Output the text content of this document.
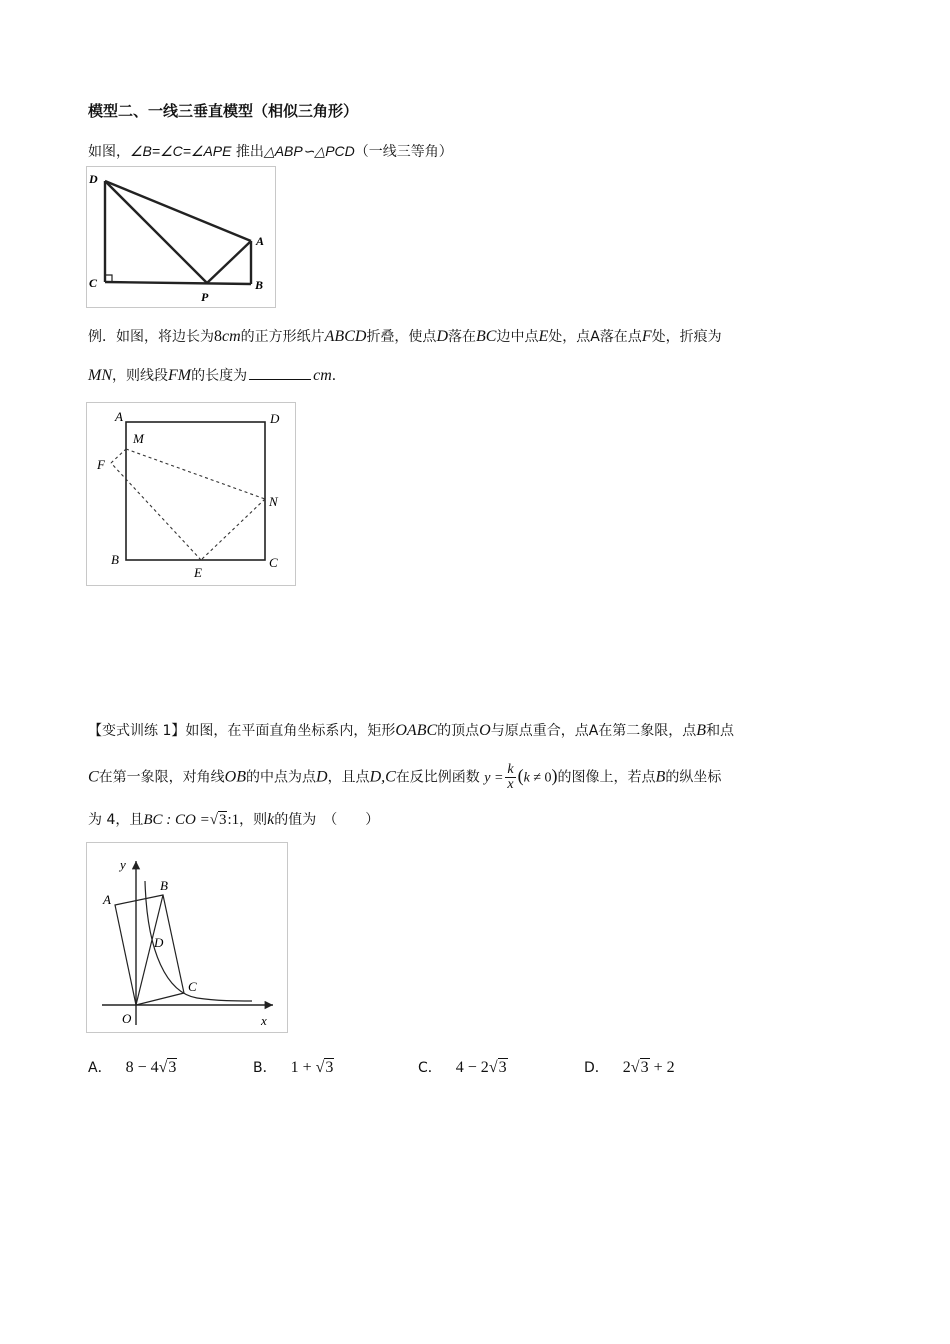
模型二、一线三垂直模型（相似三角形）
如图，∠B=∠C=∠APE 推出△ABP∽△PCD（一线三等角）
D
A
C
P
B
例．如图，将边长为8cm的正方形纸片ABCD折叠，使点D落在BC边中点E处，点A落在点F处，折痕为
MN，则线段FM的长度为	cm．
A	D
M
F
N
B
E
C
【变式训练 1】如图，在平面直角坐标系内，矩形OABC的顶点O与原点重合，点A在第二象限，点B和点
C在第一象限，对角线OB的中点为点D，且点D,C在反比例函数 $y = \frac{k}{x} (k \ne 0)$的图像上，若点B的纵坐标
为 4，且BC : CO =√3:1，则k的值为　（　　）
y
A
B
D
C
O	x
A． 8 − 4√3	B． 1 + √3	C． 4 − 2√3	D． 2√3 + 2
